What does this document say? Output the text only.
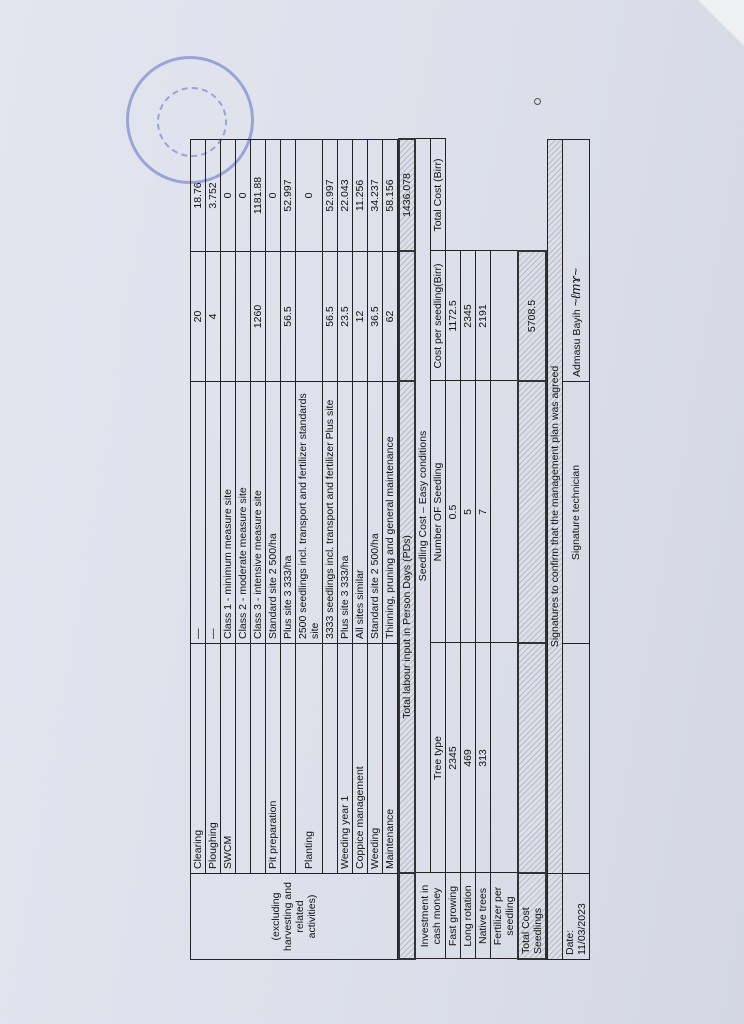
(excluding harvesting and related activities)	Clearing	—	20	18.76
	Ploughing	—	4	3.752
	SWCM	Class 1 - minimum measure site		0
		Class 2 - moderate measure site		0
		Class 3 - intensive measure site	1260	1181.88
	Pit preparation	Standard site 2 500/ha		0
		Plus site 3 333/ha	56.5	52.997
	Planting	2500 seedlings incl. transport and fertilizer standards site		0
		3333 seedlings incl. transport and fertilizer Plus site	56.5	52.997
	Weeding year 1	Plus site 3 333/ha	23.5	22.043
	Coppice management	All sites similar	12	11.256
	Weeding	Standard site 2 500/ha	36.5	34.237
	Maintenance	Thinning, pruning and general maintenance	62	58.156
	Total labour input in Person Days (PDs)			1436.078
Investment in cash money	Seedling Cost – Easy conditions			
	Tree type	Number OF Seedling	Cost per seedling(Birr)	Total Cost (Birr)
Fast growing	2345	0.5	1172.5	
Long rotation	469	5	2345	
Native trees	313	7	2191	
Fertilizer per seedling				
Total Cost Seedlings			5708.5	
	Signatures to confirm that the management plan was agreed		
Date: 11/03/2023		Signature technician	Admasu Bayih ~ℓmɤ~
